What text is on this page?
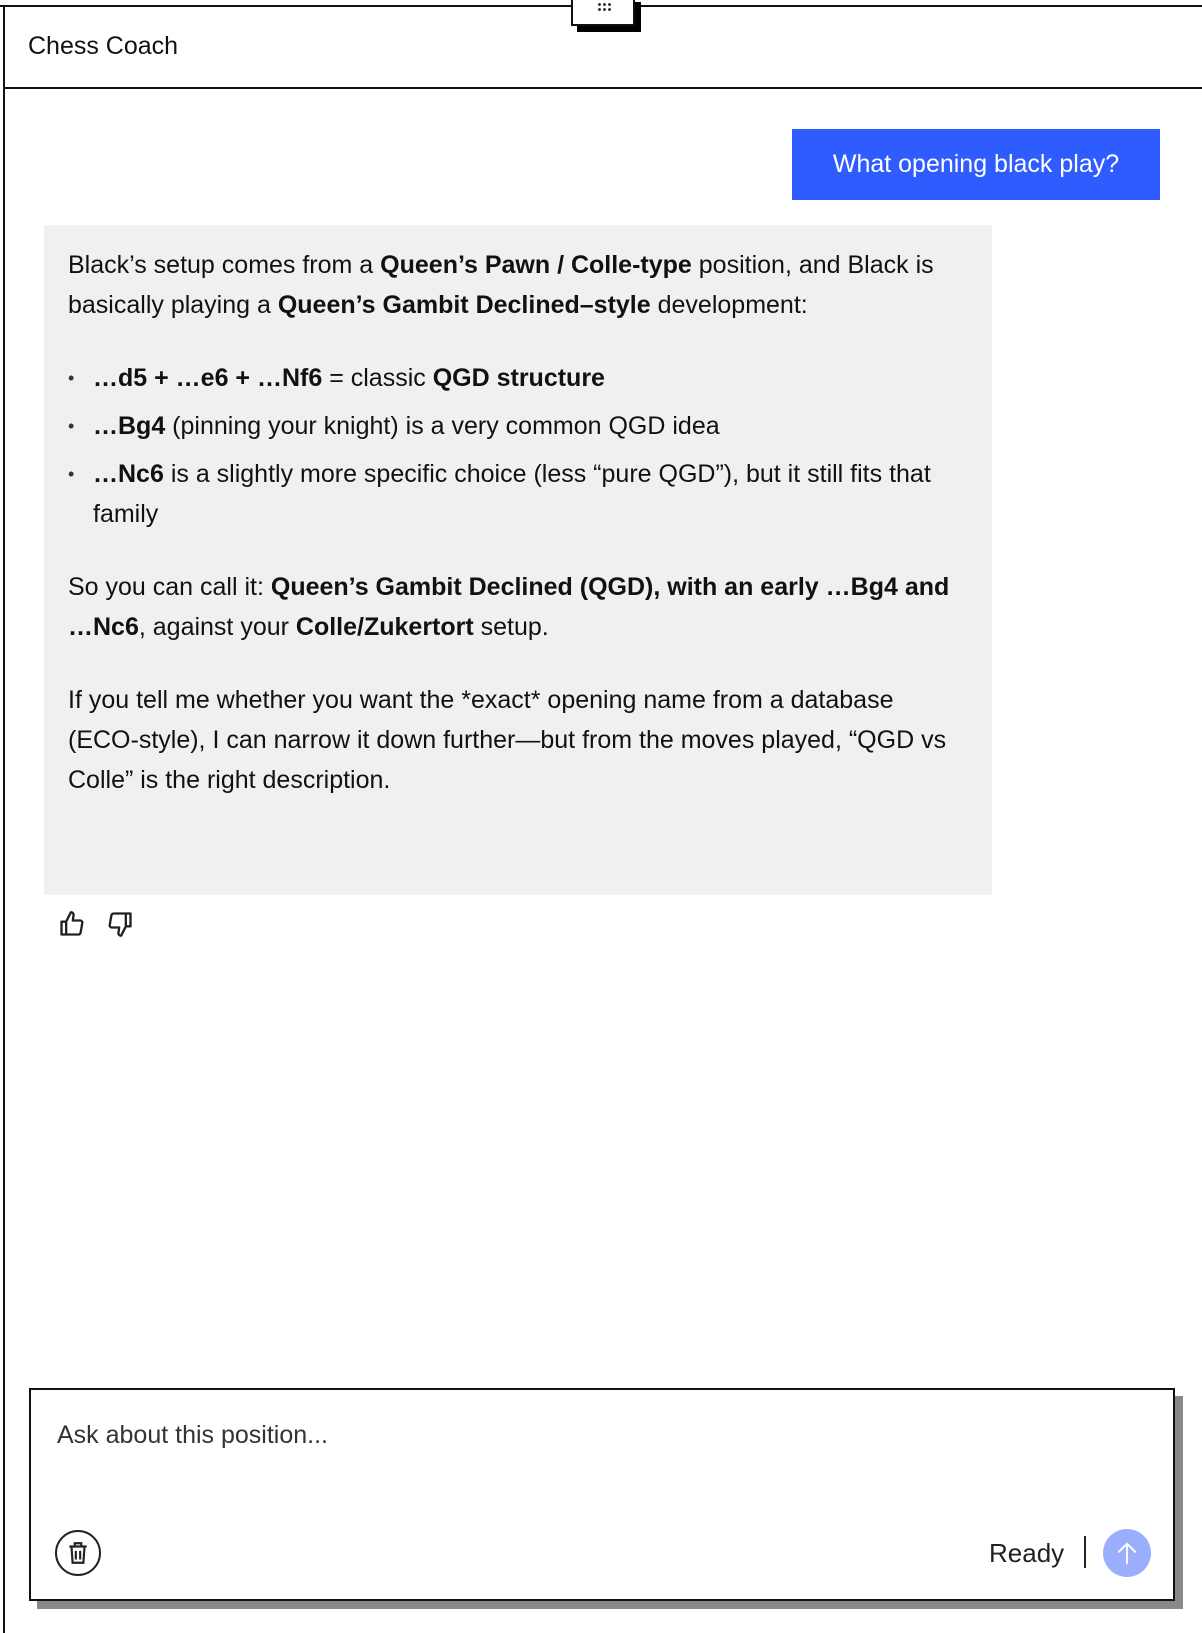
Chess Coach
What opening black play?

Black’s setup comes from a Queen’s Pawn / Colle-type position, and Black is basically playing a Queen’s Gambit Declined–style development:

• …d5 + …e6 + …Nf6 = classic QGD structure
• …Bg4 (pinning your knight) is a very common QGD idea
• …Nc6 is a slightly more specific choice (less “pure QGD”), but it still fits that family

So you can call it: Queen’s Gambit Declined (QGD), with an early …Bg4 and …Nc6, against your Colle/Zukertort setup.

If you tell me whether you want the *exact* opening name from a database (ECO-style), I can narrow it down further—but from the moves played, “QGD vs Colle” is the right description.

Ask about this position...
Ready
